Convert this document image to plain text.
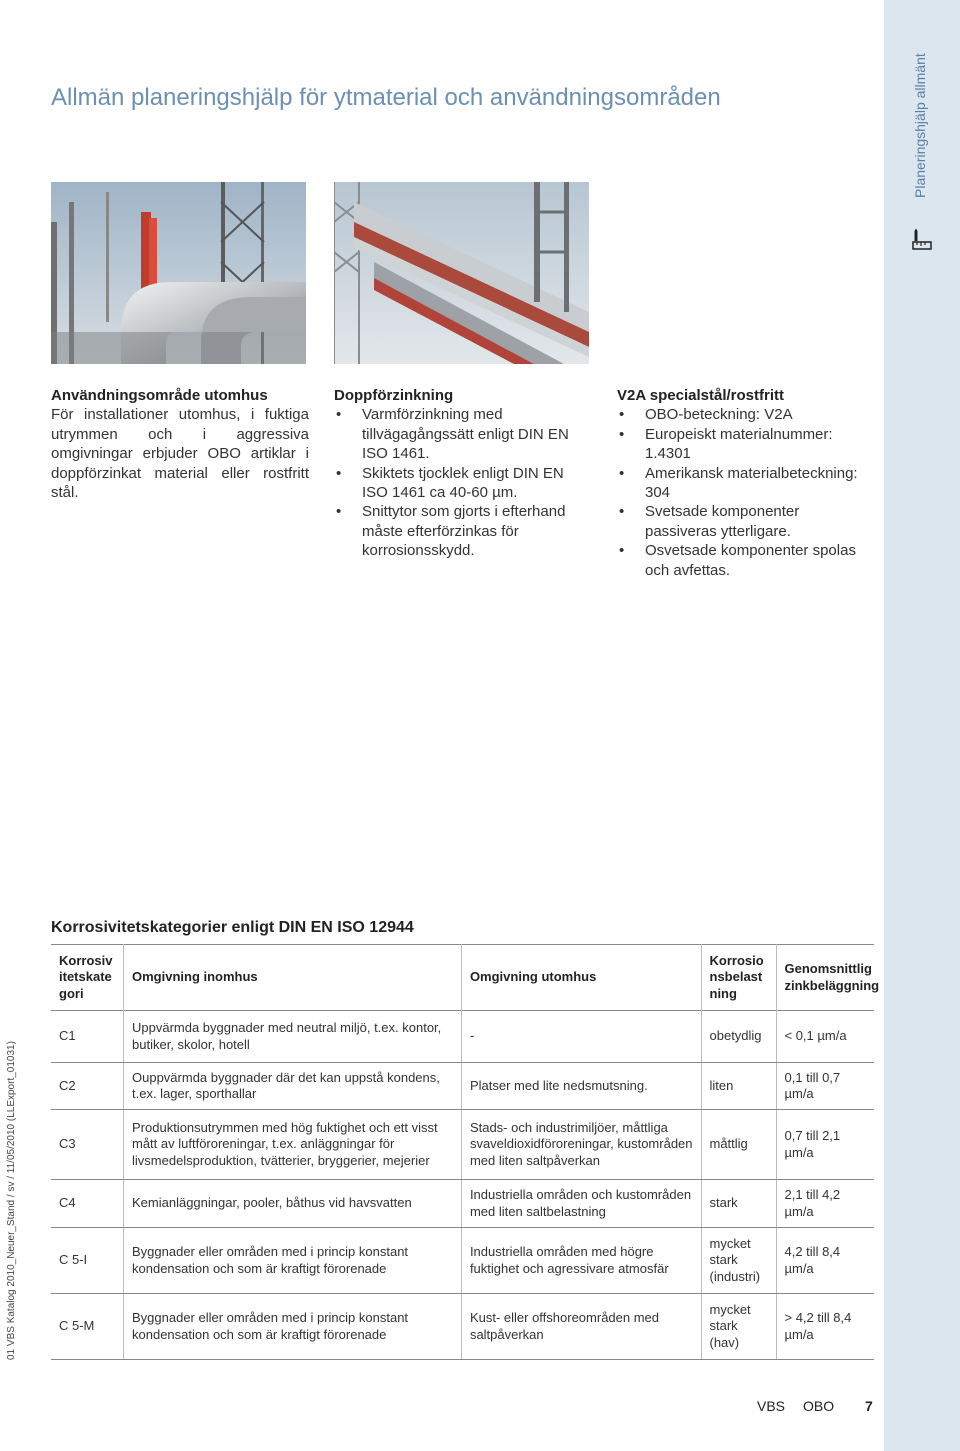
Planeringshjälp allmänt
01 VBS Katalog 2010_Neuer_Stand / sv / 11/05/2010 (LLExport_01031)
Allmän planeringshjälp för ytmaterial och användningsområden
Användningsområde utomhus

För installationer utomhus, i fuktiga utrymmen och i aggressiva omgivningar erbjuder OBO artiklar i doppförzinkat material eller rostfritt stål.

Doppförzinkning
• Varmförzinkning med tillvägagångssätt enligt DIN EN ISO 1461.
• Skiktets tjocklek enligt DIN EN ISO 1461 ca 40-60 µm.
• Snittytor som gjorts i efterhand måste efterförzinkas för korrosionsskydd.
V2A specialstål/rostfritt
• OBO-beteckning: V2A
• Europeiskt materialnummer: 1.4301
• Amerikansk materialbeteckning: 304
• Svetsade komponenter passiveras ytterligare.
• Osvetsade komponenter spolas och avfettas.
Korrosivitetskategorier enligt DIN EN ISO 12944
Korrosivitetskategori	Omgivning inomhus	Omgivning utomhus	Korrosionsbelastning	Genomsnittlig zinkbeläggning

C1	Uppvärmda byggnader med neutral miljö, t.ex. kontor, butiker, skolor, hotell	-	obetydlig	< 0,1 µm/a
C2	Ouppvärmda byggnader där det kan uppstå kondens, t.ex. lager, sporthallar	Platser med lite nedsmutsning.	liten	0,1 till 0,7 µm/a
C3	Produktionsutrymmen med hög fuktighet och ett visst mått av luftföroreningar, t.ex. anläggningar för livsmedelsproduktion, tvätterier, bryggerier, mejerier	Stads- och industrimiljöer, måttliga svaveldioxidföroreningar, kustområden med liten saltpåverkan	måttlig	0,7 till 2,1 µm/a
C4	Kemianläggningar, pooler, båthus vid havsvatten	Industriella områden och kustområden med liten saltbelastning	stark	2,1 till 4,2 µm/a
C 5-I	Byggnader eller områden med i princip konstant kondensation och som är kraftigt förorenade	Industriella områden med högre fuktighet och agressivare atmosfär	mycket stark (industri)	4,2 till 8,4 µm/a
C 5-M	Byggnader eller områden med i princip konstant kondensation och som är kraftigt förorenade	Kust- eller offshoreområden med saltpåverkan	mycket stark (hav)	> 4,2 till 8,4 µm/a
VBS OBO 7
